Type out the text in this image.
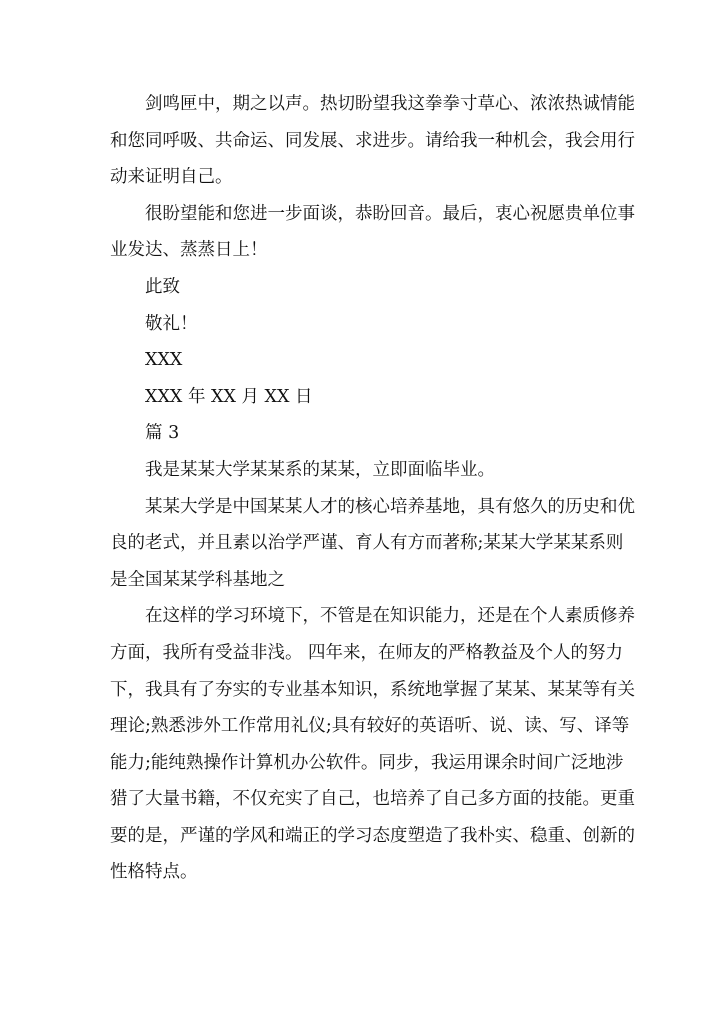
剑鸣匣中，期之以声。热切盼望我这拳拳寸草心、浓浓热诚情能
和您同呼吸、共命运、同发展、求进步。请给我一种机会，我会用行
动来证明自己。
很盼望能和您进一步面谈，恭盼回音。最后，衷心祝愿贵单位事
业发达、蒸蒸日上！
此致
敬礼！
XXX
XXX 年 XX 月 XX 日
篇 3
我是某某大学某某系的某某，立即面临毕业。
某某大学是中国某某人才的核心培养基地，具有悠久的历史和优
良的老式，并且素以治学严谨、育人有方而著称;某某大学某某系则
是全国某某学科基地之
在这样的学习环境下，不管是在知识能力，还是在个人素质修养
方面，我所有受益非浅。 四年来，在师友的严格教益及个人的努力
下，我具有了夯实的专业基本知识，系统地掌握了某某、某某等有关
理论;熟悉涉外工作常用礼仪;具有较好的英语听、说、读、写、译等
能力;能纯熟操作计算机办公软件。同步，我运用课余时间广泛地涉
猎了大量书籍，不仅充实了自己，也培养了自己多方面的技能。更重
要的是，严谨的学风和端正的学习态度塑造了我朴实、稳重、创新的
性格特点。
